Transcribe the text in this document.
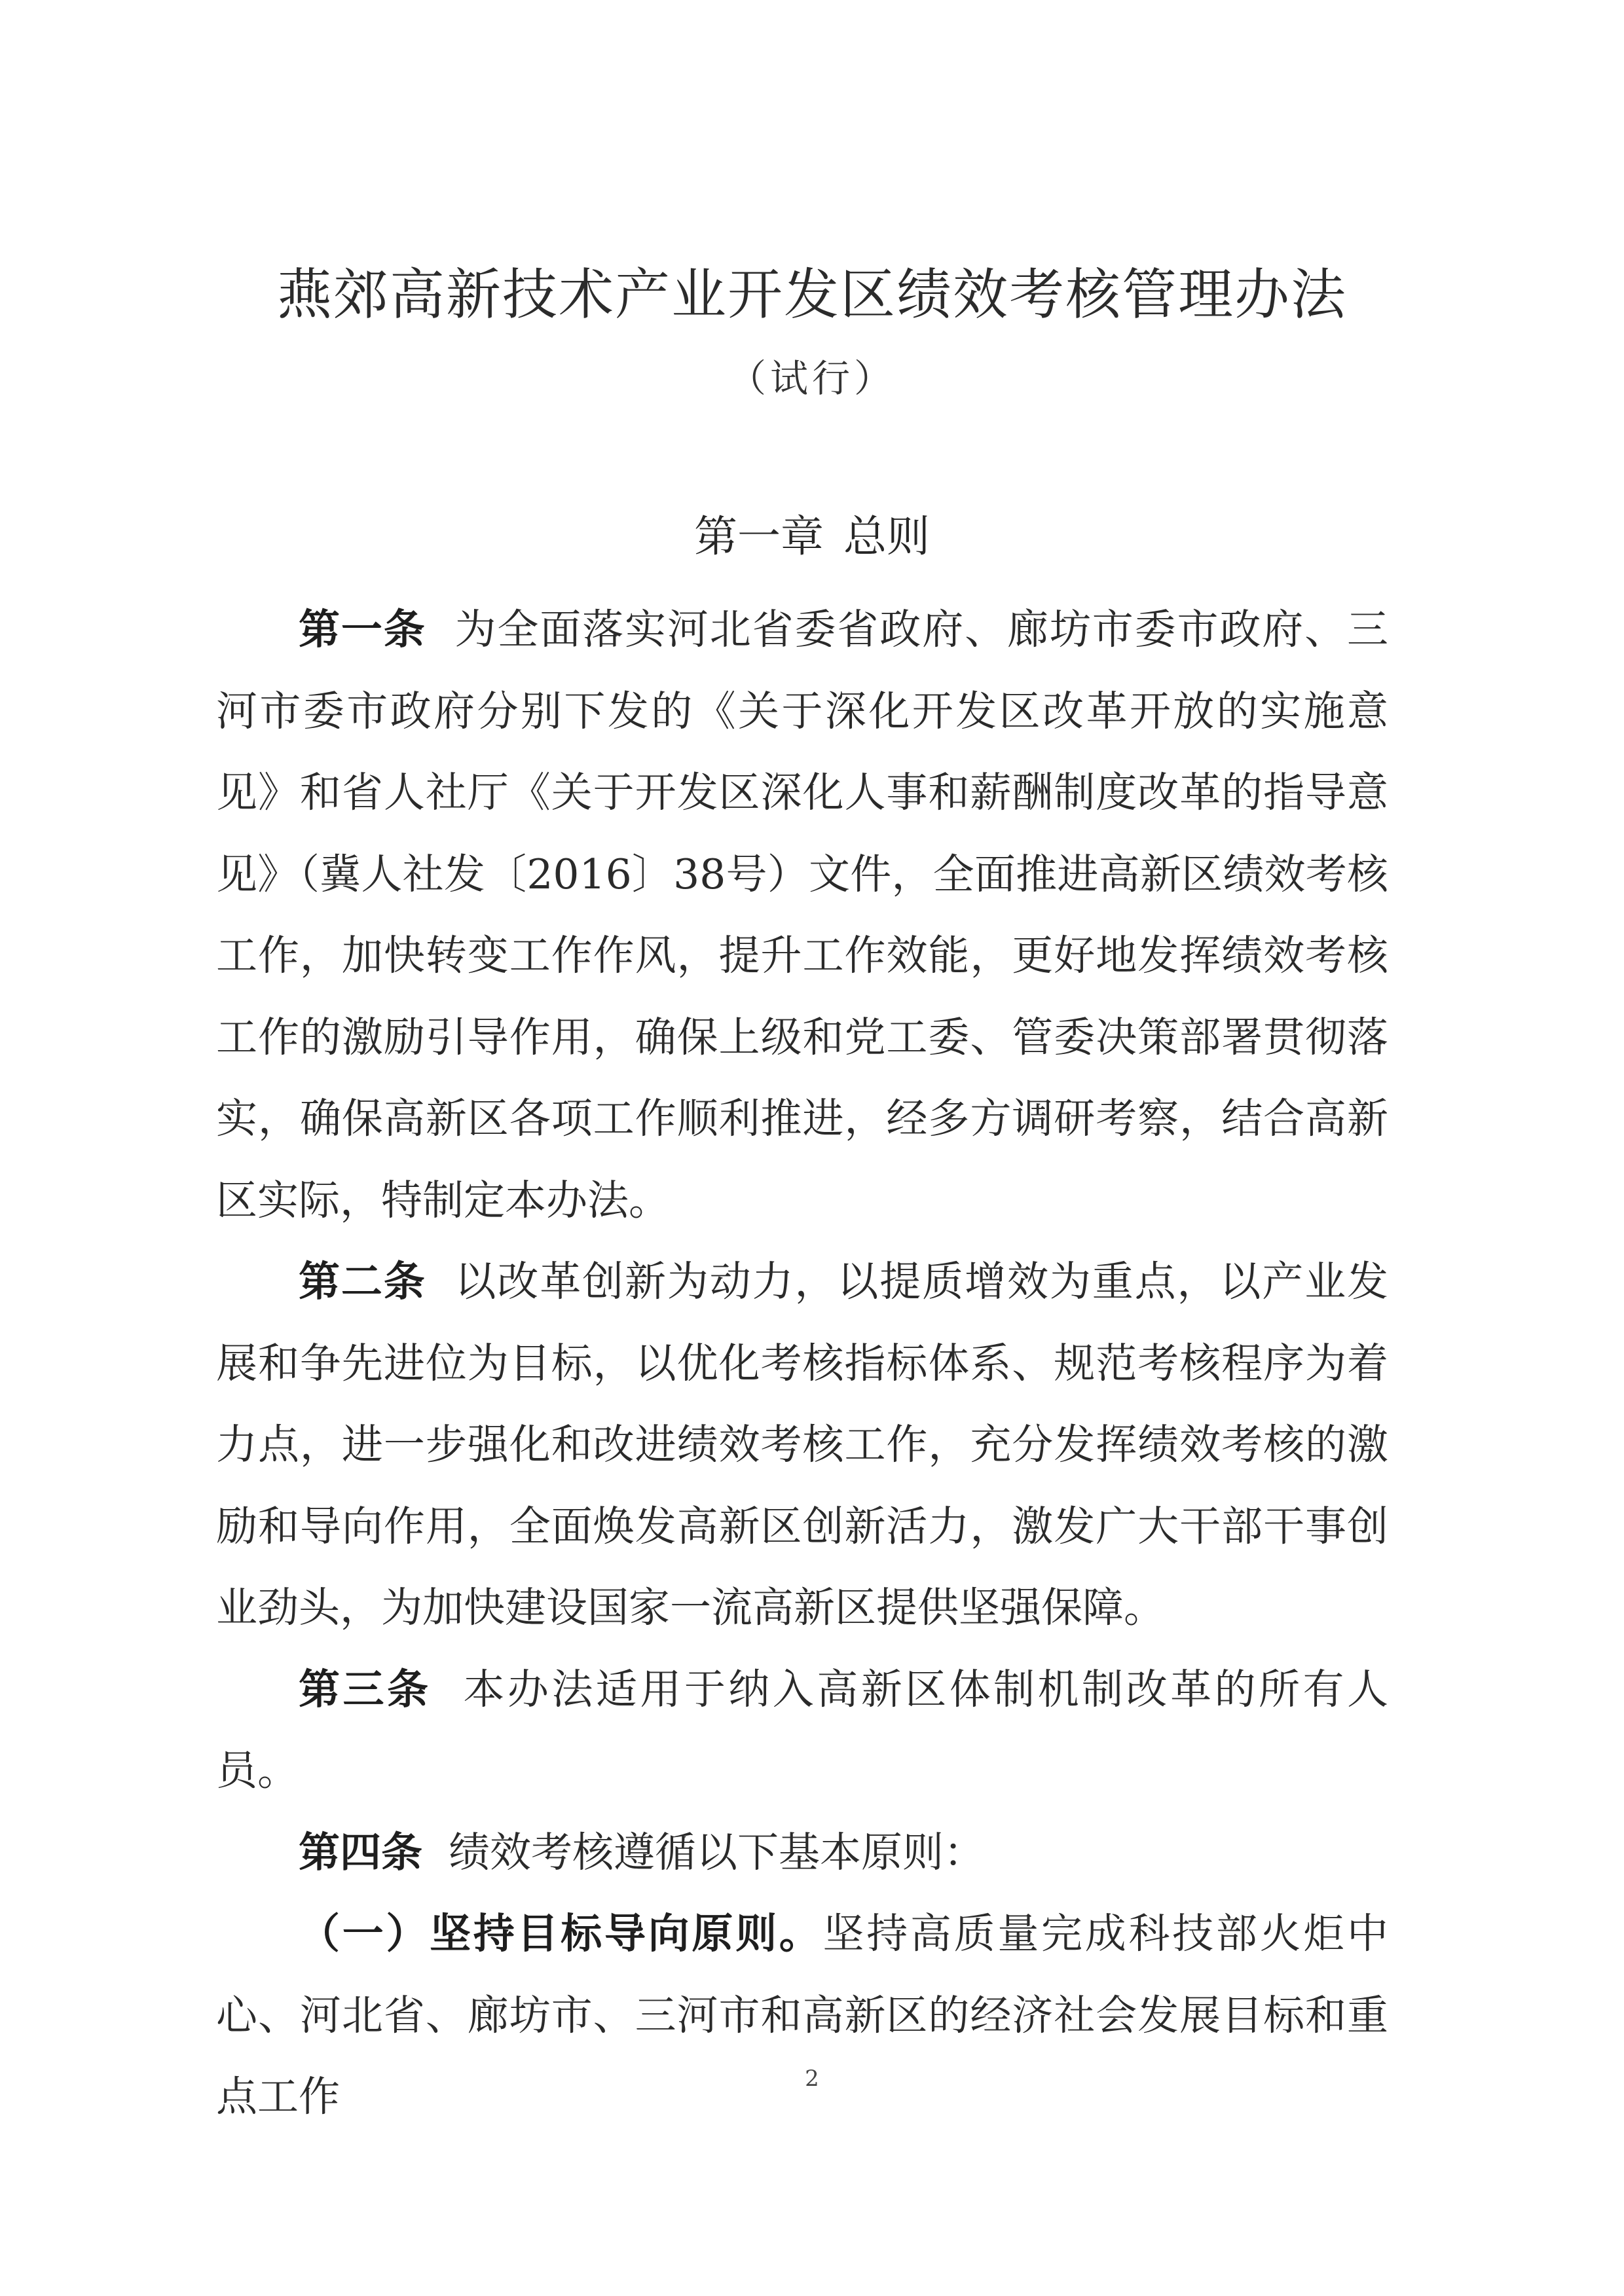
燕郊高新技术产业开发区绩效考核管理办法
（试行）
第一章 总则

第一条 为全面落实河北省委省政府、廊坊市委市政府、三河市委市政府分别下发的《关于深化开发区改革开放的实施意见》和省人社厅《关于开发区深化人事和薪酬制度改革的指导意见》（冀人社发〔2016〕38号）文件，全面推进高新区绩效考核工作，加快转变工作作风，提升工作效能，更好地发挥绩效考核工作的激励引导作用，确保上级和党工委、管委决策部署贯彻落实，确保高新区各项工作顺利推进，经多方调研考察，结合高新区实际，特制定本办法。

第二条 以改革创新为动力，以提质增效为重点，以产业发展和争先进位为目标，以优化考核指标体系、规范考核程序为着力点，进一步强化和改进绩效考核工作，充分发挥绩效考核的激励和导向作用，全面焕发高新区创新活力，激发广大干部干事创业劲头，为加快建设国家一流高新区提供坚强保障。

第三条 本办法适用于纳入高新区体制机制改革的所有人员。

第四条 绩效考核遵循以下基本原则：

（一）坚持目标导向原则。坚持高质量完成科技部火炬中心、河北省、廊坊市、三河市和高新区的经济社会发展目标和重点工作	2
